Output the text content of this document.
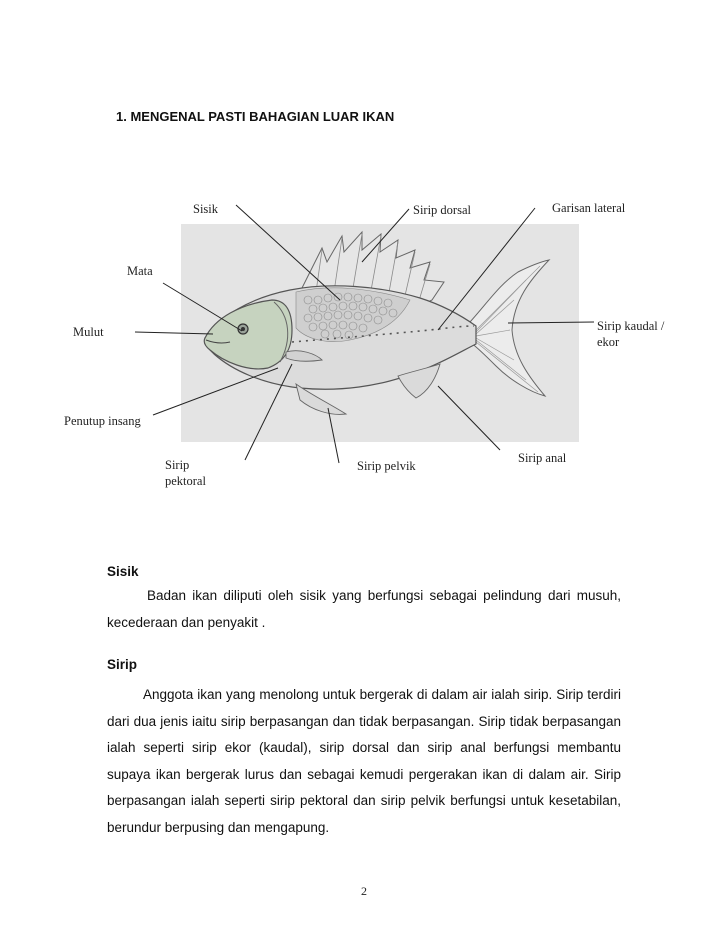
1. MENGENAL PASTI BAHAGIAN LUAR IKAN
Sisik	Sirip dorsal	Garisan lateral
Mata
Mulut	Sirip kaudal /
ekor
Penutup insang
Sirip
pektoral
Sirip pelvik
Sirip anal
Sisik

Badan ikan diliputi oleh sisik yang berfungsi sebagai pelindung dari musuh, kecederaan dan penyakit .

Sirip

Anggota ikan yang menolong untuk bergerak di dalam air ialah sirip. Sirip terdiri dari dua jenis iaitu sirip berpasangan dan tidak berpasangan. Sirip tidak berpasangan ialah seperti sirip ekor (kaudal), sirip dorsal dan sirip anal berfungsi membantu supaya ikan bergerak lurus dan sebagai kemudi pergerakan ikan di dalam air. Sirip berpasangan ialah seperti sirip pektoral dan sirip pelvik berfungsi untuk kesetabilan, berundur berpusing dan mengapung.

2
